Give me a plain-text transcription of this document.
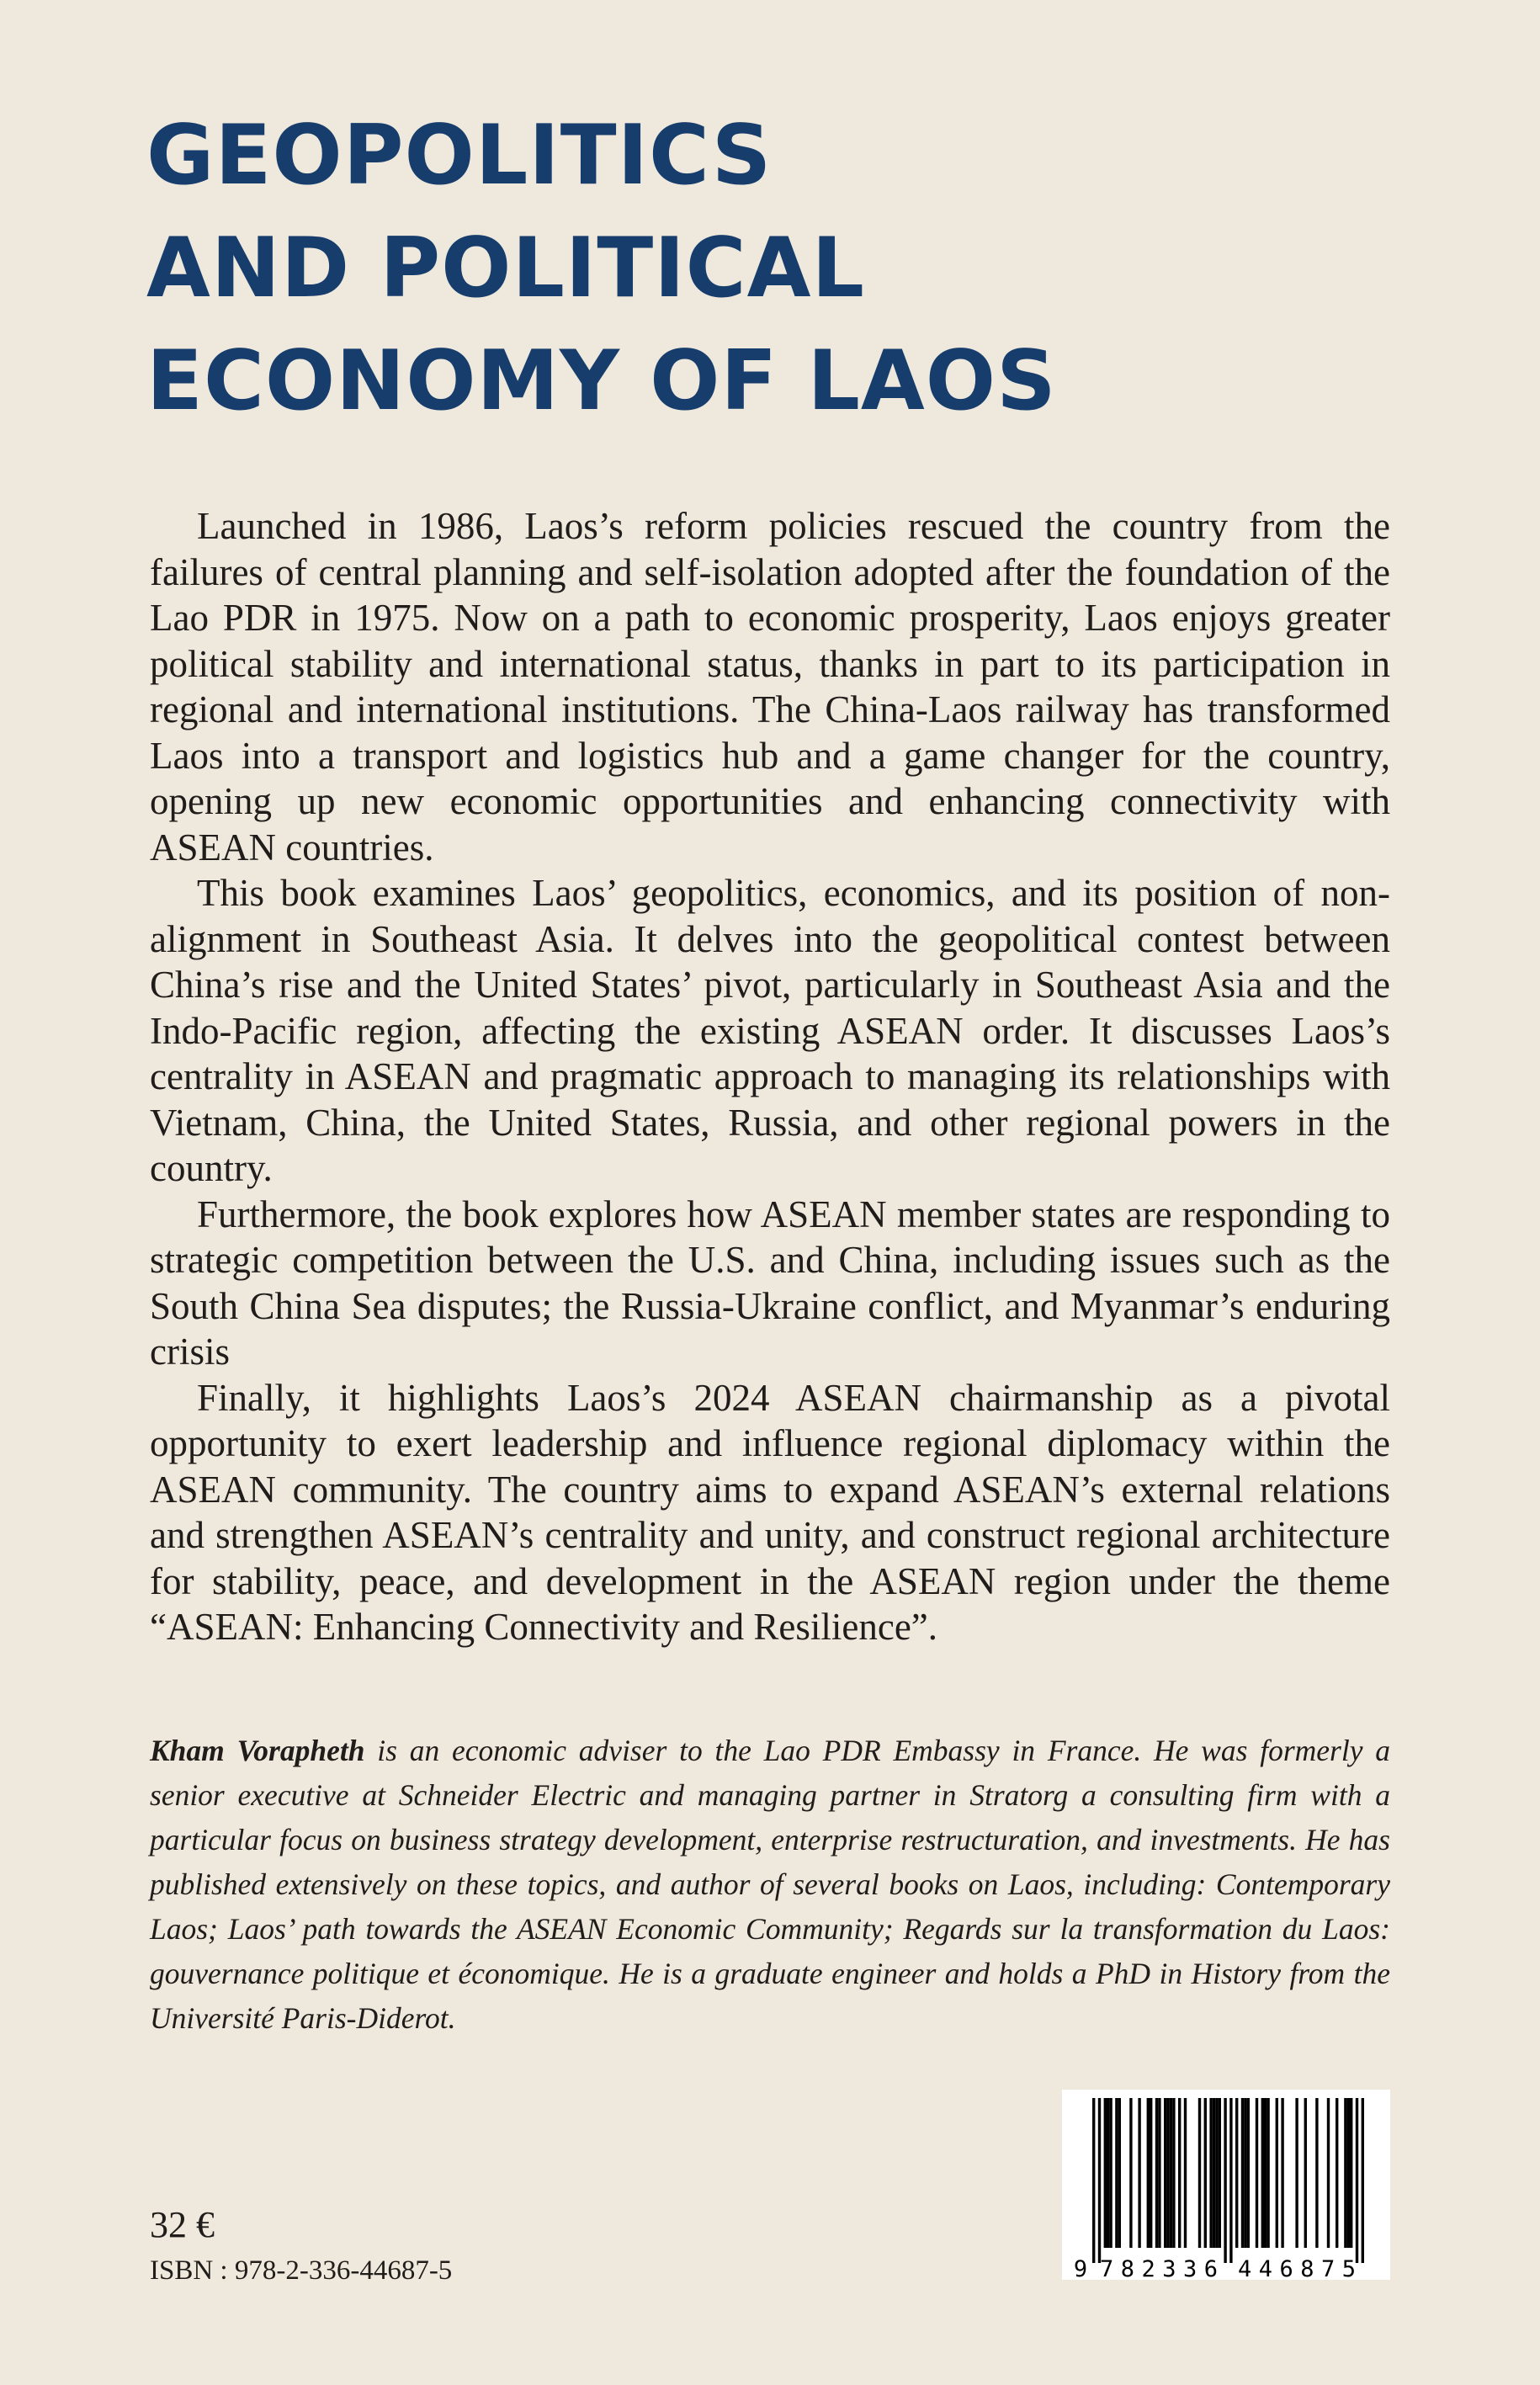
GEOPOLITICS
AND POLITICAL
ECONOMY OF LAOS

Launched in 1986, Laos’s reform policies rescued the country from the failures of central planning and self-isolation adopted after the foundation of the Lao PDR in 1975. Now on a path to economic prosperity, Laos enjoys greater political stability and international status, thanks in part to its participation in regional and international institutions. The China-Laos railway has transformed Laos into a transport and logistics hub and a game changer for the country, opening up new economic opportunities and enhancing connectivity with ASEAN countries.

This book examines Laos’ geopolitics, economics, and its position of non-alignment in Southeast Asia. It delves into the geopolitical contest between China’s rise and the United States’ pivot, particularly in Southeast Asia and the Indo-Pacific region, affecting the existing ASEAN order. It discusses Laos’s centrality in ASEAN and pragmatic approach to managing its relationships with Vietnam, China, the United States, Russia, and other regional powers in the country.

Furthermore, the book explores how ASEAN member states are responding to strategic competition between the U.S. and China, including issues such as the South China Sea disputes; the Russia-Ukraine conflict, and Myanmar’s enduring crisis

Finally, it highlights Laos’s 2024 ASEAN chairmanship as a pivotal opportunity to exert leadership and influence regional diplomacy within the ASEAN community. The country aims to expand ASEAN’s external relations and strengthen ASEAN’s centrality and unity, and construct regional architecture for stability, peace, and development in the ASEAN region under the theme “ASEAN: Enhancing Connectivity and Resilience”.

Kham Vorapheth is an economic adviser to the Lao PDR Embassy in France. He was formerly a senior executive at Schneider Electric and managing partner in Stratorg a consulting firm with a particular focus on business strategy development, enterprise restructuration, and investments. He has published extensively on these topics, and author of several books on Laos, including: Contemporary Laos; Laos’ path towards the ASEAN Economic Community; Regards sur la transformation du Laos: gouvernance politique et économique. He is a graduate engineer and holds a PhD in History from the Université Paris-Diderot.

32 €
ISBN : 978-2-336-44687-5	9 782336 446875
